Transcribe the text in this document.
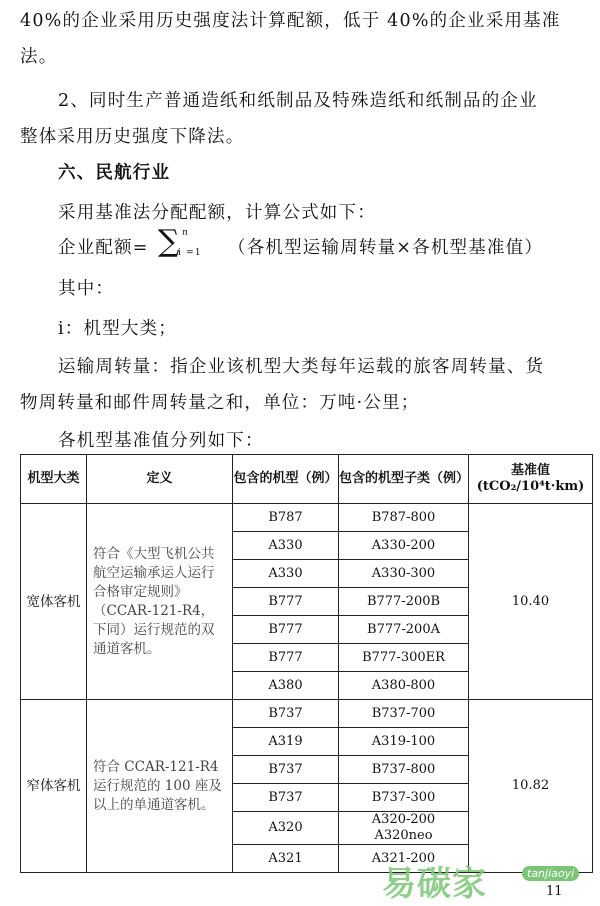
40%的企业采用历史强度法计算配额，低于 40%的企业采用基准

法。

2、同时生产普通造纸和纸制品及特殊造纸和纸制品的企业

整体采用历史强度下降法。

六、民航行业

采用基准法分配配额，计算公式如下：

企业配额= ∑ n
i =1 （各机型运输周转量×各机型基准值）

其中：

i：机型大类；

运输周转量：指企业该机型大类每年运载的旅客周转量、货

物周转量和邮件周转量之和，单位：万吨·公里；

各机型基准值分列如下：

机型大类	定义	包含的机型（例）	包含的机型子类（例）	基准值
(tCO₂/10⁴t·km)

宽体客机	符合《大型飞机公共航空运输承运人运行合格审定规则》（CCAR-121-R4，下同）运行规范的双通道客机。	B787	B787-800	10.40
		A330	A330-200	
		A330	A330-300	
		B777	B777-200B	
		B777	B777-200A	
		B777	B777-300ER	
		A380	A380-800	
窄体客机	符合 CCAR-121-R4 运行规范的 100 座及以上的单通道客机。	B737	B737-700	10.82
		A319	A319-100	
		B737	B737-800	
		B737	B737-300	
		A320	A320-200
A320neo	

		A321	A321-200	
易碳家	tanjiaoyi
11
